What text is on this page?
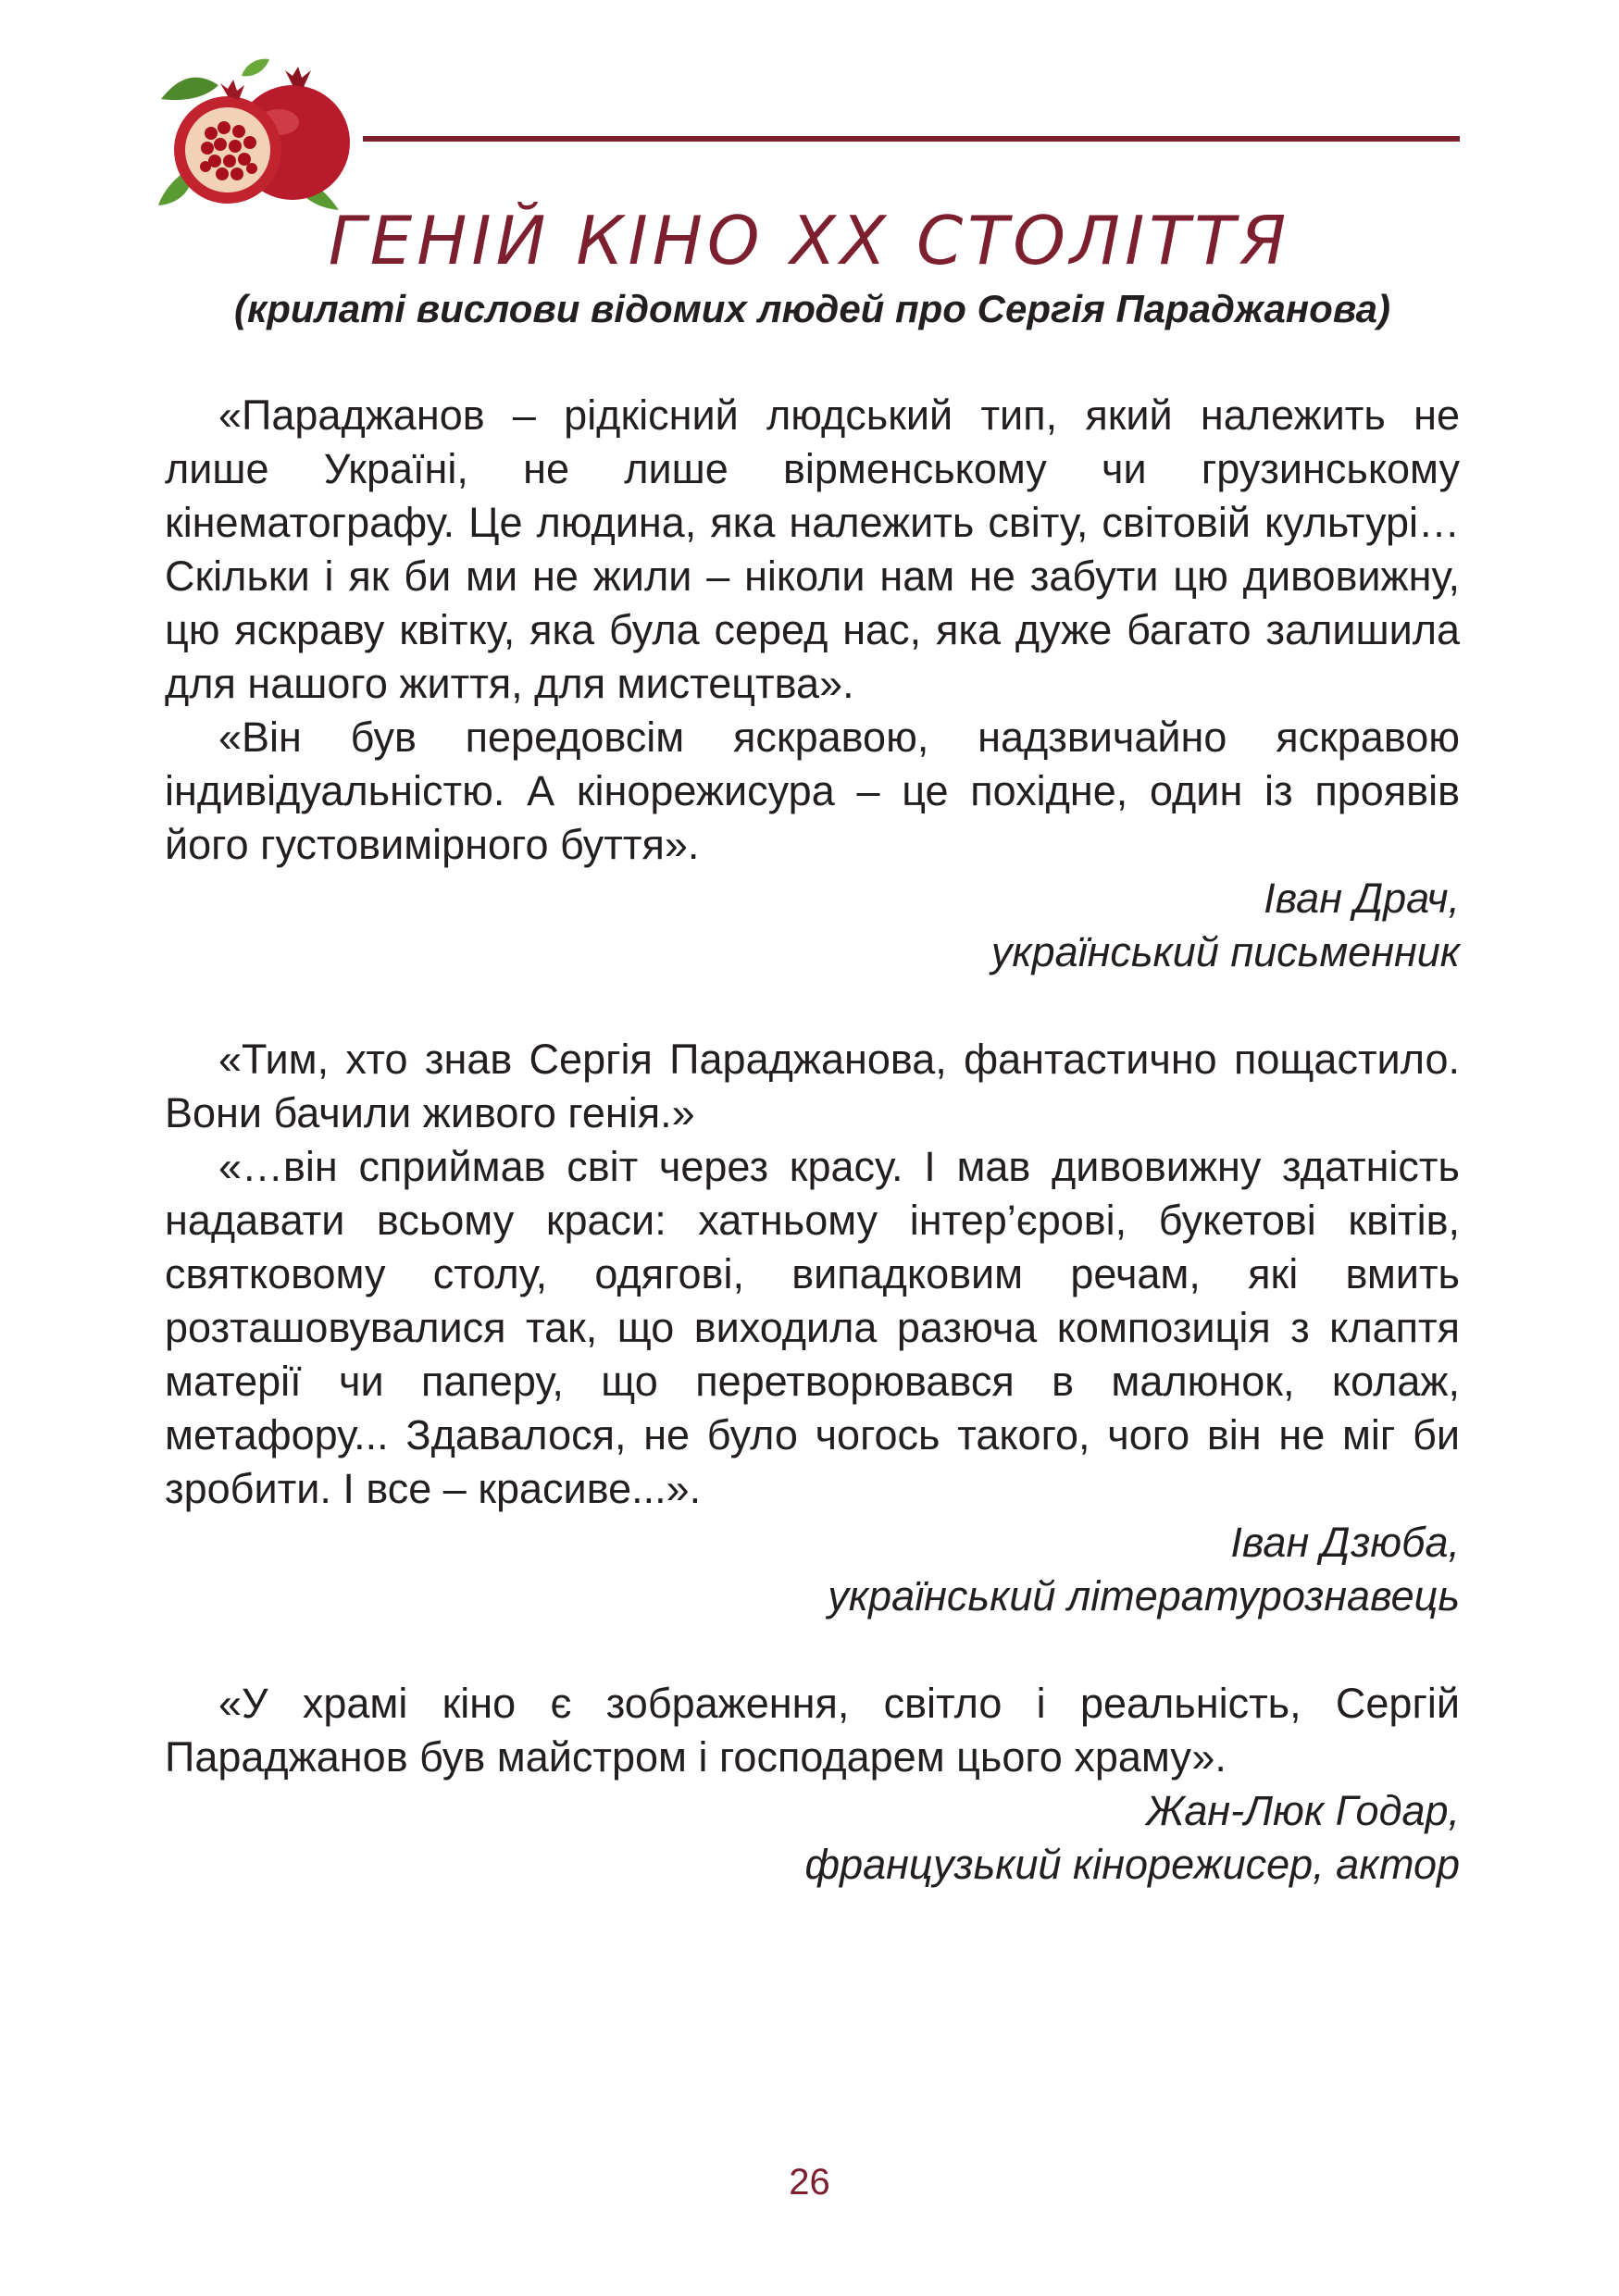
ГЕНІЙ КІНО ХХ СТОЛІТТЯ

(крилаті вислови відомих людей про Сергія Параджанова)

«Параджанов – рідкісний людський тип, який належить не лише Україні, не лише вірменському чи грузинському кінематографу. Це людина, яка належить світу, світовій культурі… Скільки і як би ми не жили – ніколи нам не забути цю дивовижну, цю яскраву квітку, яка була серед нас, яка дуже багато залишила для нашого життя, для мистецтва».

«Він був передовсім яскравою, надзвичайно яскравою індивідуальністю. А кінорежисура – це похідне, один із проявів його густовимірного буття».

Іван Драч,
український письменник

«Тим, хто знав Сергія Параджанова, фантастично пощастило. Вони бачили живого генія.»

«…він сприймав світ через красу. І мав дивовижну здатність надавати всьому краси: хатньому інтер’єрові, букетові квітів, святковому столу, одягові, випадковим речам, які вмить розташовувалися так, що виходила разюча композиція з клаптя матерії чи паперу, що перетворювався в малюнок, колаж, метафору... Здавалося, не було чогось такого, чого він не міг би зробити. І все – красиве...».

Іван Дзюба,
український літературознавець

«У храмі кіно є зображення, світло і реальність, Сергій Параджанов був майстром і господарем цього храму».

Жан-Люк Годар,
французький кінорежисер, актор
26
